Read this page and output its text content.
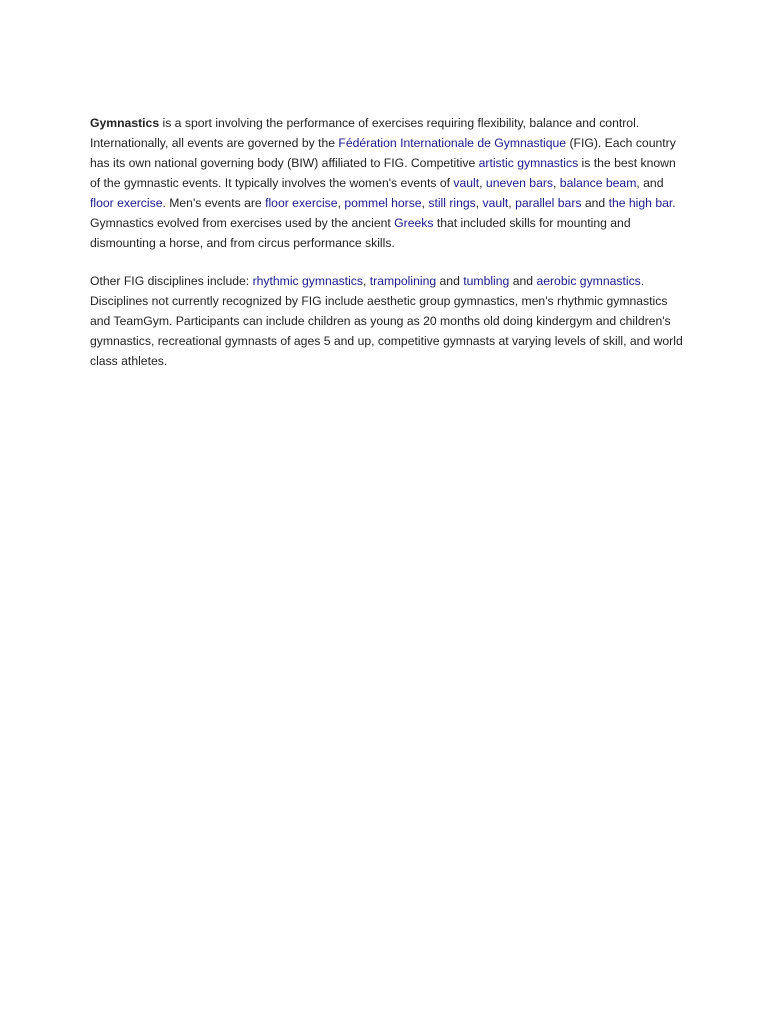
Gymnastics is a sport involving the performance of exercises requiring flexibility, balance and control. Internationally, all events are governed by the Fédération Internationale de Gymnastique (FIG). Each country has its own national governing body (BIW) affiliated to FIG. Competitive artistic gymnastics is the best known of the gymnastic events. It typically involves the women's events of vault, uneven bars, balance beam, and floor exercise. Men's events are floor exercise, pommel horse, still rings, vault, parallel bars and the high bar. Gymnastics evolved from exercises used by the ancient Greeks that included skills for mounting and dismounting a horse, and from circus performance skills.

Other FIG disciplines include: rhythmic gymnastics, trampolining and tumbling and aerobic gymnastics. Disciplines not currently recognized by FIG include aesthetic group gymnastics, men's rhythmic gymnastics and TeamGym. Participants can include children as young as 20 months old doing kindergym and children's gymnastics, recreational gymnasts of ages 5 and up, competitive gymnasts at varying levels of skill, and world class athletes.
